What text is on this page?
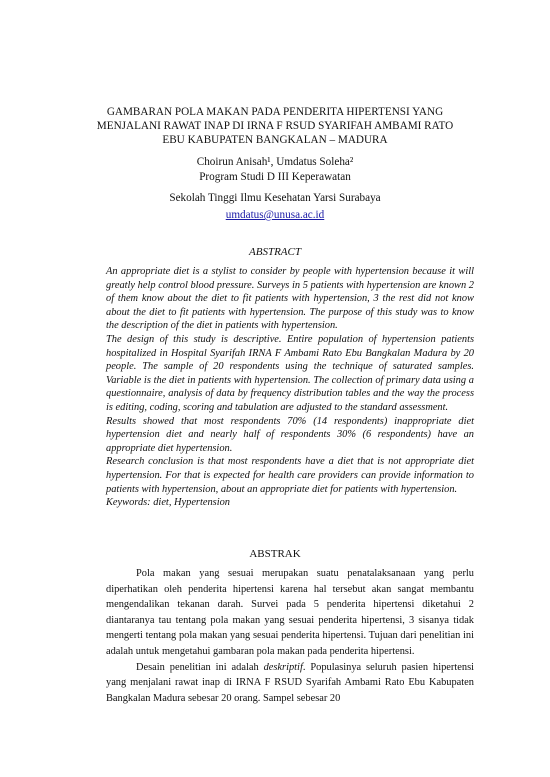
GAMBARAN POLA MAKAN PADA PENDERITA HIPERTENSI YANG MENJALANI RAWAT INAP DI IRNA F RSUD SYARIFAH AMBAMI RATO EBU KABUPATEN BANGKALAN – MADURA
Choirun Anisah¹, Umdatus Soleha²
Program Studi D III Keperawatan
Sekolah Tinggi Ilmu Kesehatan Yarsi Surabaya
umdatus@unusa.ac.id
ABSTRACT

An appropriate diet is a stylist to consider by people with hypertension because it will greatly help control blood pressure. Surveys in 5 patients with hypertension are known 2 of them know about the diet to fit patients with hypertension, 3 the rest did not know about the diet to fit patients with hypertension. The purpose of this study was to know the description of the diet in patients with hypertension.

The design of this study is descriptive. Entire population of hypertension patients hospitalized in Hospital Syarifah IRNA F Ambami Rato Ebu Bangkalan Madura by 20 people. The sample of 20 respondents using the technique of saturated samples. Variable is the diet in patients with hypertension. The collection of primary data using a questionnaire, analysis of data by frequency distribution tables and the way the process is editing, coding, scoring and tabulation are adjusted to the standard assessment.

Results showed that most respondents 70% (14 respondents) inappropriate diet hypertension diet and nearly half of respondents 30% (6 respondents) have an appropriate diet hypertension.

Research conclusion is that most respondents have a diet that is not appropriate diet hypertension. For that is expected for health care providers can provide information to patients with hypertension, about an appropriate diet for patients with hypertension.

Keywords: diet, Hypertension

ABSTRAK

Pola makan yang sesuai merupakan suatu penatalaksanaan yang perlu diperhatikan oleh penderita hipertensi karena hal tersebut akan sangat membantu mengendalikan tekanan darah. Survei pada 5 penderita hipertensi diketahui 2 diantaranya tau tentang pola makan yang sesuai penderita hipertensi, 3 sisanya tidak mengerti tentang pola makan yang sesuai penderita hipertensi. Tujuan dari penelitian ini adalah untuk mengetahui gambaran pola makan pada penderita hipertensi.

Desain penelitian ini adalah deskriptif. Populasinya seluruh pasien hipertensi yang menjalani rawat inap di IRNA F RSUD Syarifah Ambami Rato Ebu Kabupaten Bangkalan Madura sebesar 20 orang. Sampel sebesar 20
